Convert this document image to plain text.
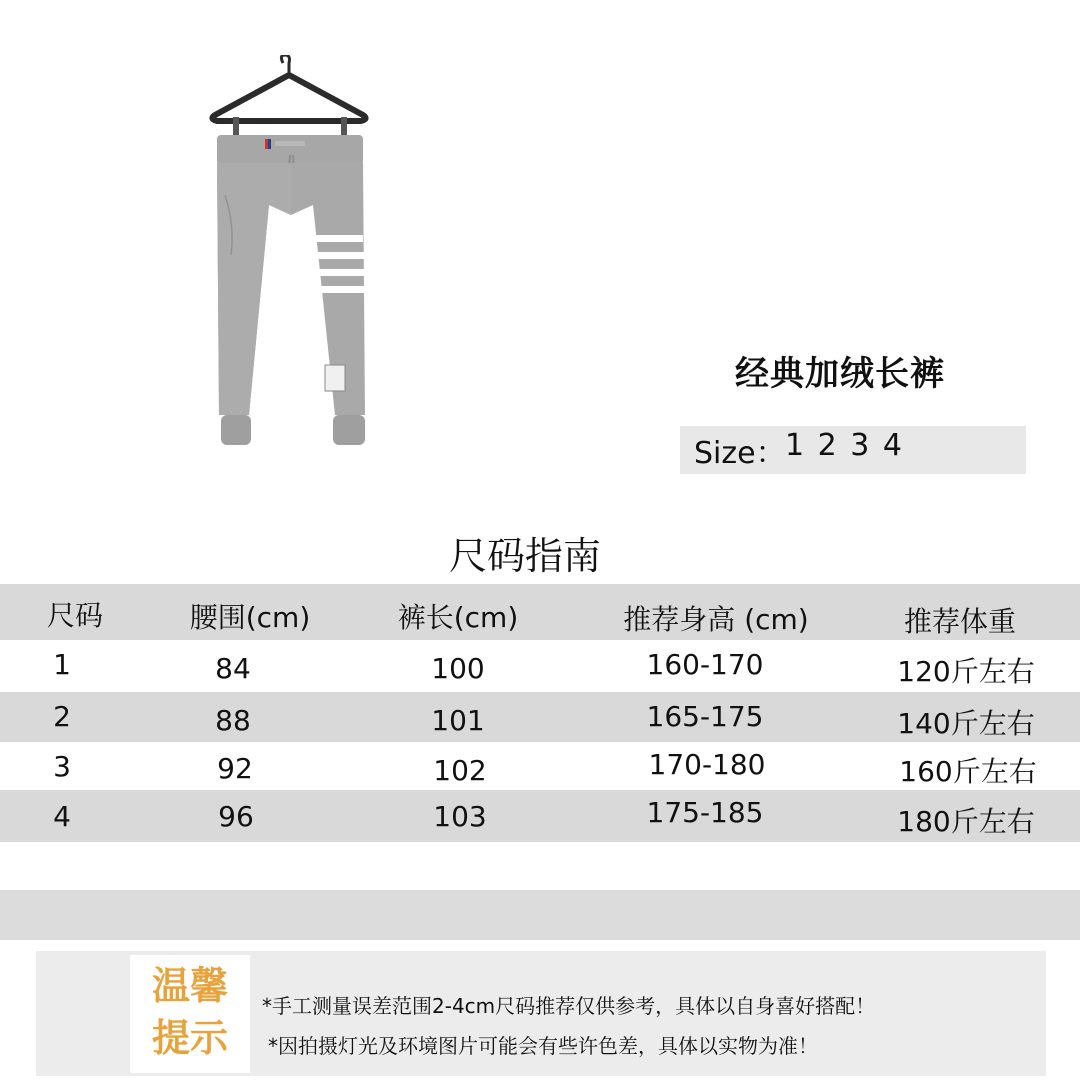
经典加绒长裤
Size： 1 2 3 4
尺码指南
尺码	腰围(cm)	裤长(cm)	推荐身高 (cm)	推荐体重
1	84	100	160-170	120斤左右
2	88	101	165-175	140斤左右
3	92	102	170-180	160斤左右
4	96	103	175-185	180斤左右
温馨
提示
*手工测量误差范围2-4cm尺码推荐仅供参考，具体以自身喜好搭配！
*因拍摄灯光及环境图片可能会有些许色差，具体以实物为准！
